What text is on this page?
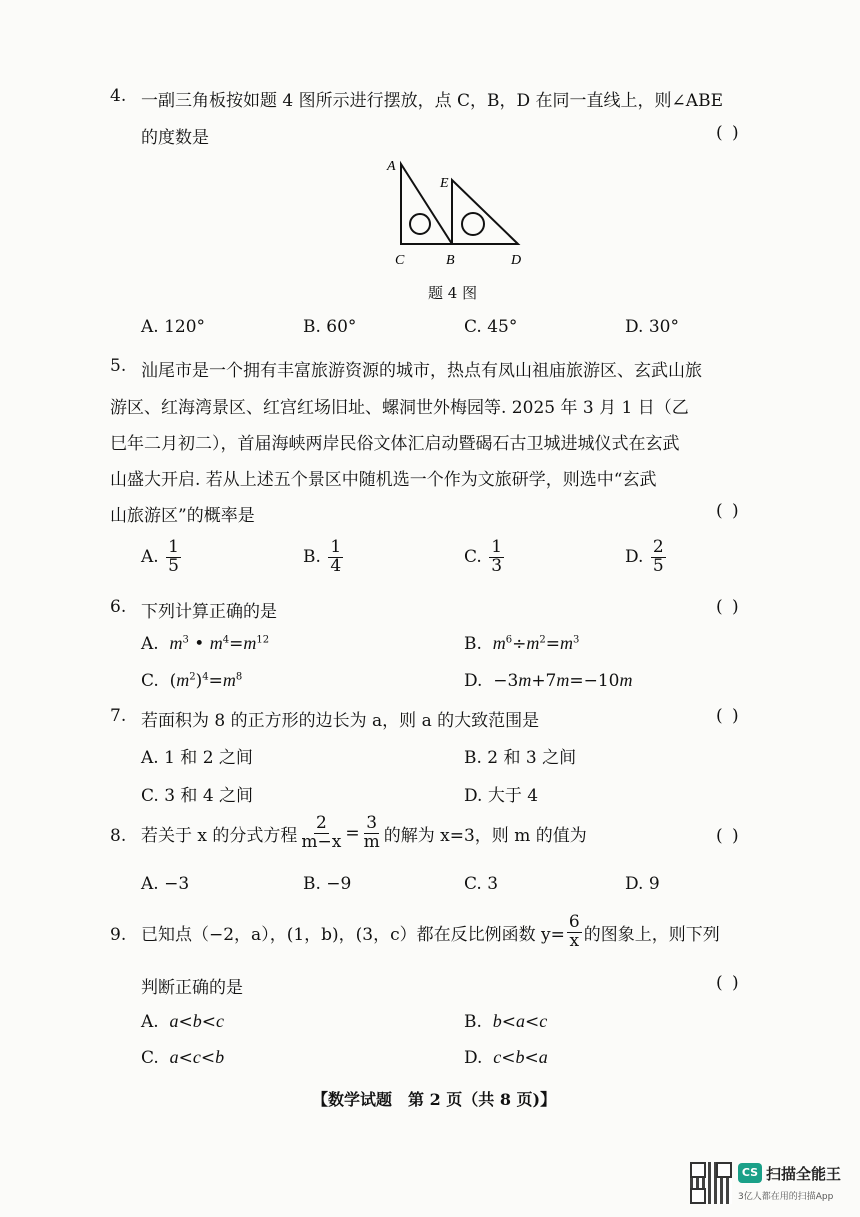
4. 一副三角板按如题 4 图所示进行摆放，点 C，B，D 在同一直线上，则∠ABE
的度数是	( )
A
E
C	B	D
题 4 图
A. 120°	B. 60°	C. 45°	D. 30°
5. 汕尾市是一个拥有丰富旅游资源的城市，热点有凤山祖庙旅游区、玄武山旅
游区、红海湾景区、红宫红场旧址、螺洞世外梅园等. 2025 年 3 月 1 日（乙
巳年二月初二），首届海峡两岸民俗文体汇启动暨碣石古卫城进城仪式在玄武
山盛大开启. 若从上述五个景区中随机选一个作为文旅研学，则选中“玄武
山旅游区”的概率是	( )
A. $\frac{1}{5}$	B. $\frac{1}{4}$	C. $\frac{1}{3}$	D. $\frac{2}{5}$
6. 下列计算正确的是	( )
A. $m^3$ • $m^4=m^{12}$	B. $m^6\div m^2=m^3$
C.  $(m^2)^4=m^8$	D.  −3m+7m=−10m
7. 若面积为 8 的正方形的边长为 a，则 a 的大致范围是	( )
A. 1 和 2 之间	B. 2 和 3 之间
C. 3 和 4 之间	D. 大于 4
8. 若关于 x 的分式方程 $\frac{2}{m-x} = \frac{3}{m}$ 的解为 x=3，则 m 的值为	( )
A. −3	B. −9	C. 3	D. 9
9. 已知点（−2，a），(1，b)，(3，c）都在反比例函数 $y= \frac{6}{x}$ 的图象上，则下列
判断正确的是	( )
A. a<b<c	B. b<a<c
C. a<c<b	D. c<b<a
【数学试题　第 2 页（共 8 页)】
CS 扫描全能王
3亿人都在用的扫描App
